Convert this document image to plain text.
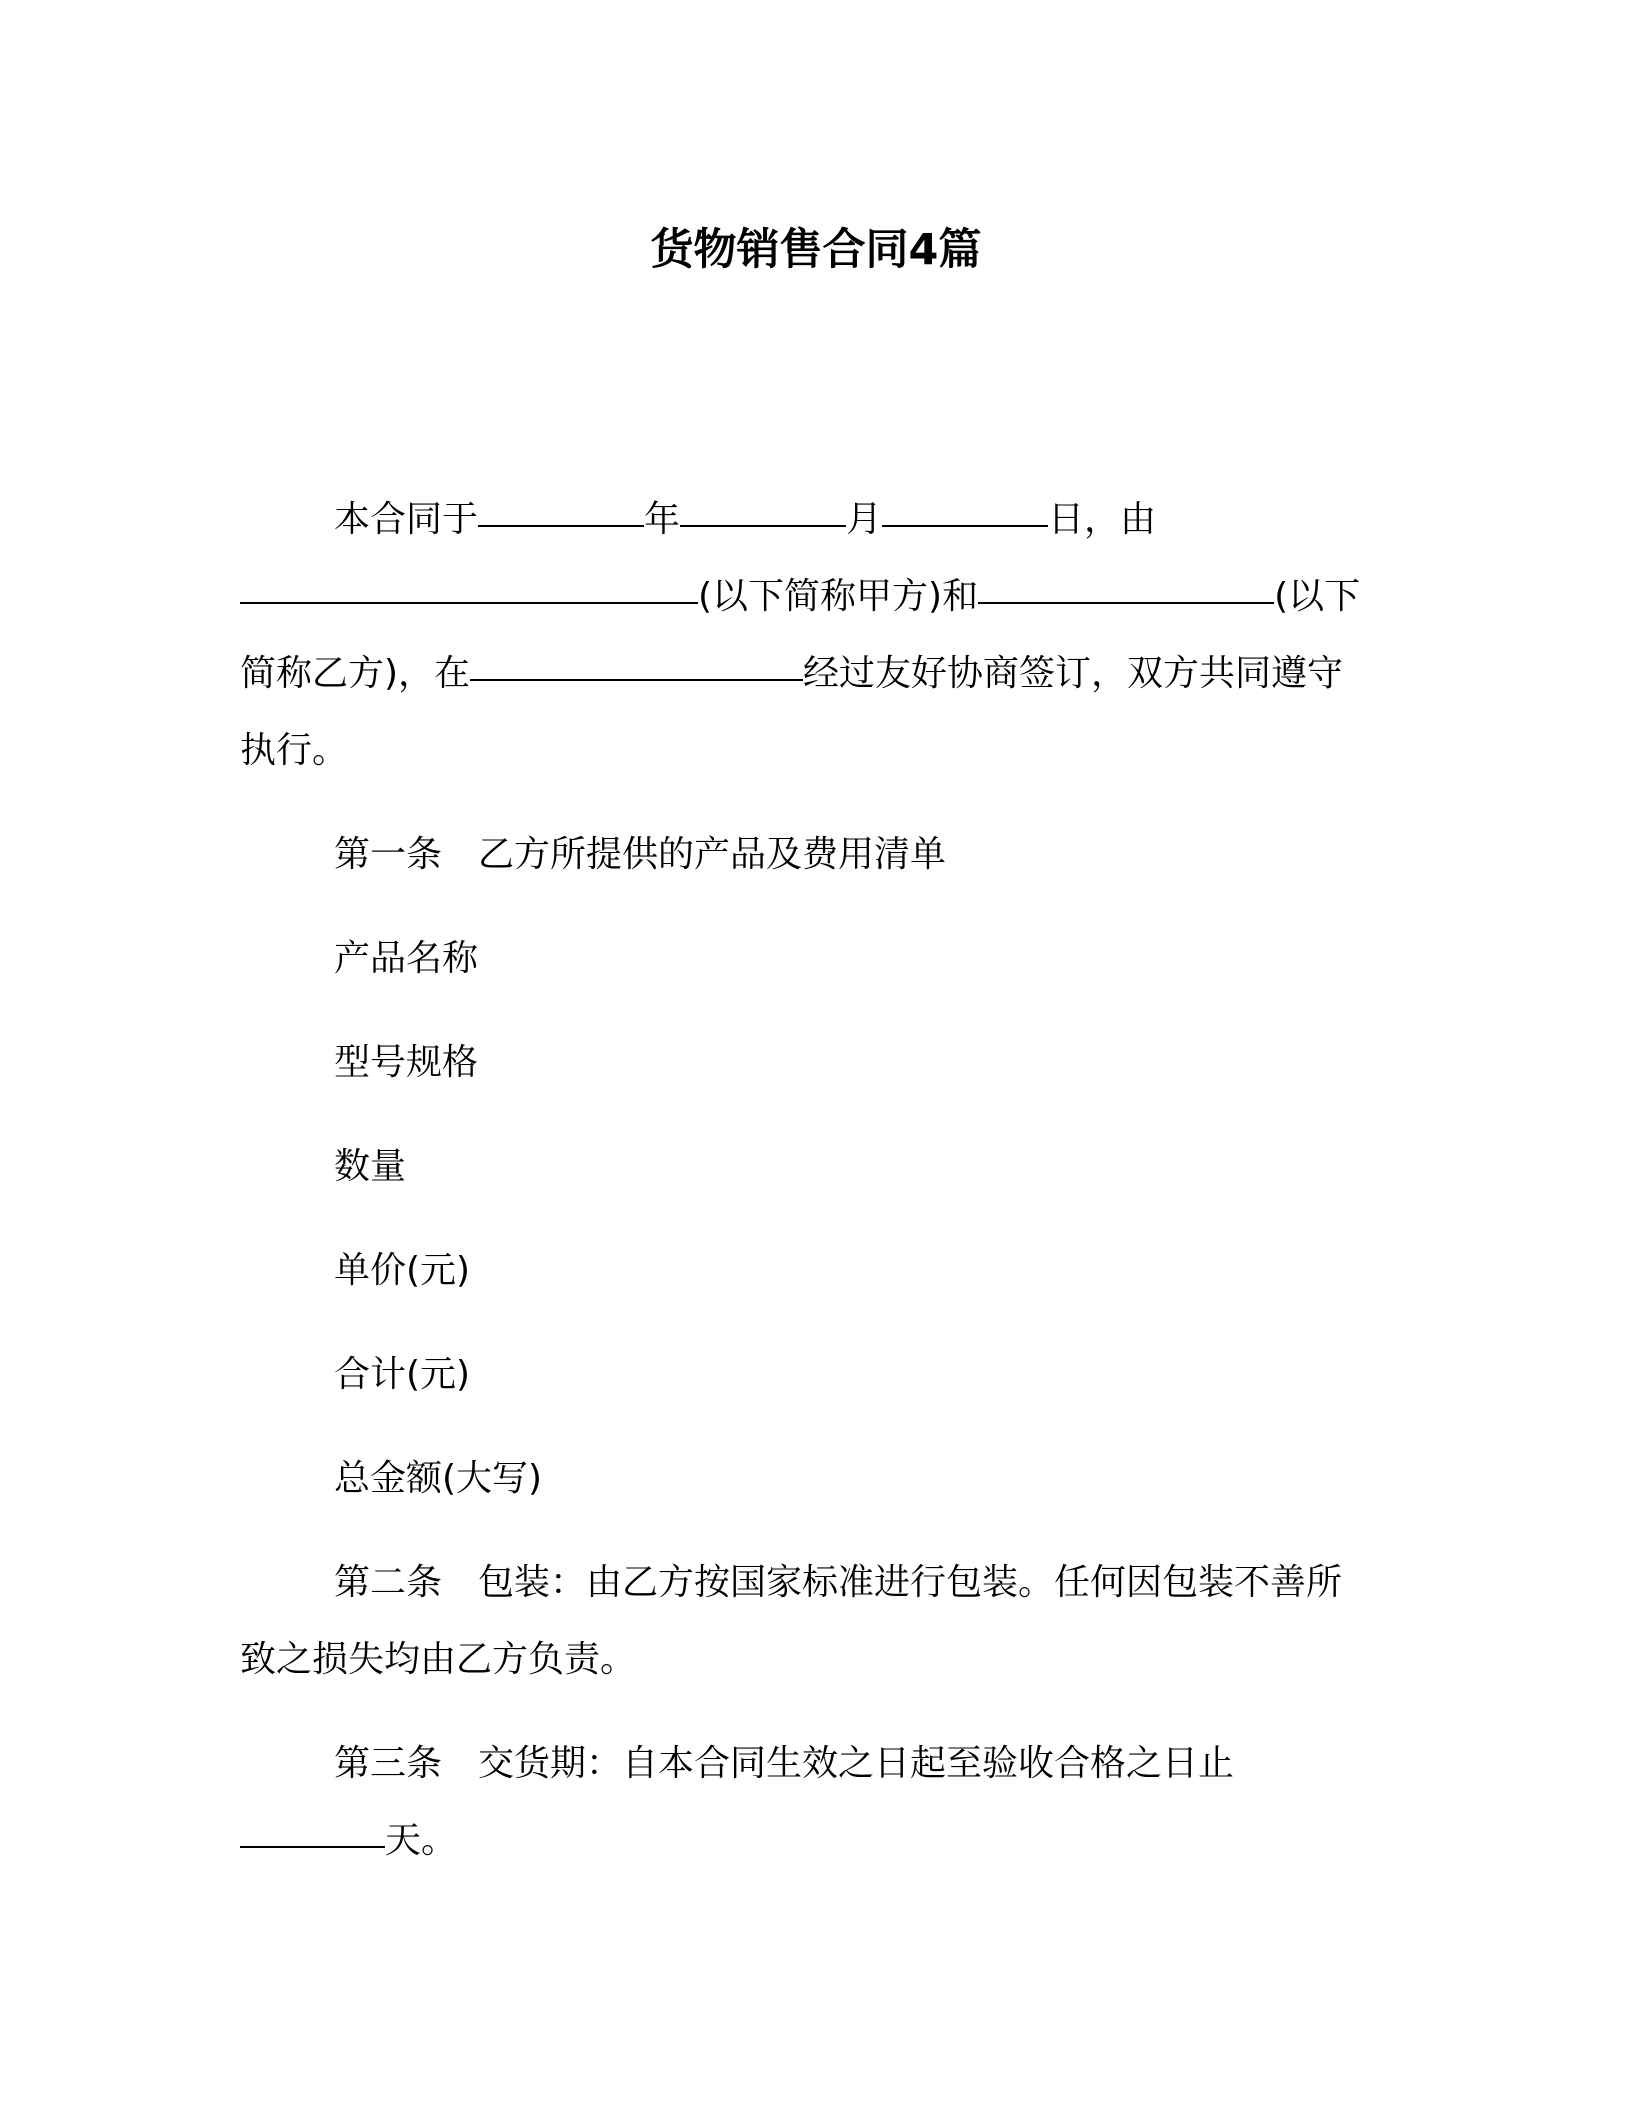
货物销售合同4篇
本合同于	年	月	日，由
(以下简称甲方)和	(以下
简称乙方)，在	经过友好协商签订，双方共同遵守
执行。
第一条　乙方所提供的产品及费用清单
产品名称
型号规格
数量
单价(元)
合计(元)
总金额(大写)
第二条　包装：由乙方按国家标准进行包装。任何因包装不善所
致之损失均由乙方负责。
第三条　交货期：自本合同生效之日起至验收合格之日止
天。
